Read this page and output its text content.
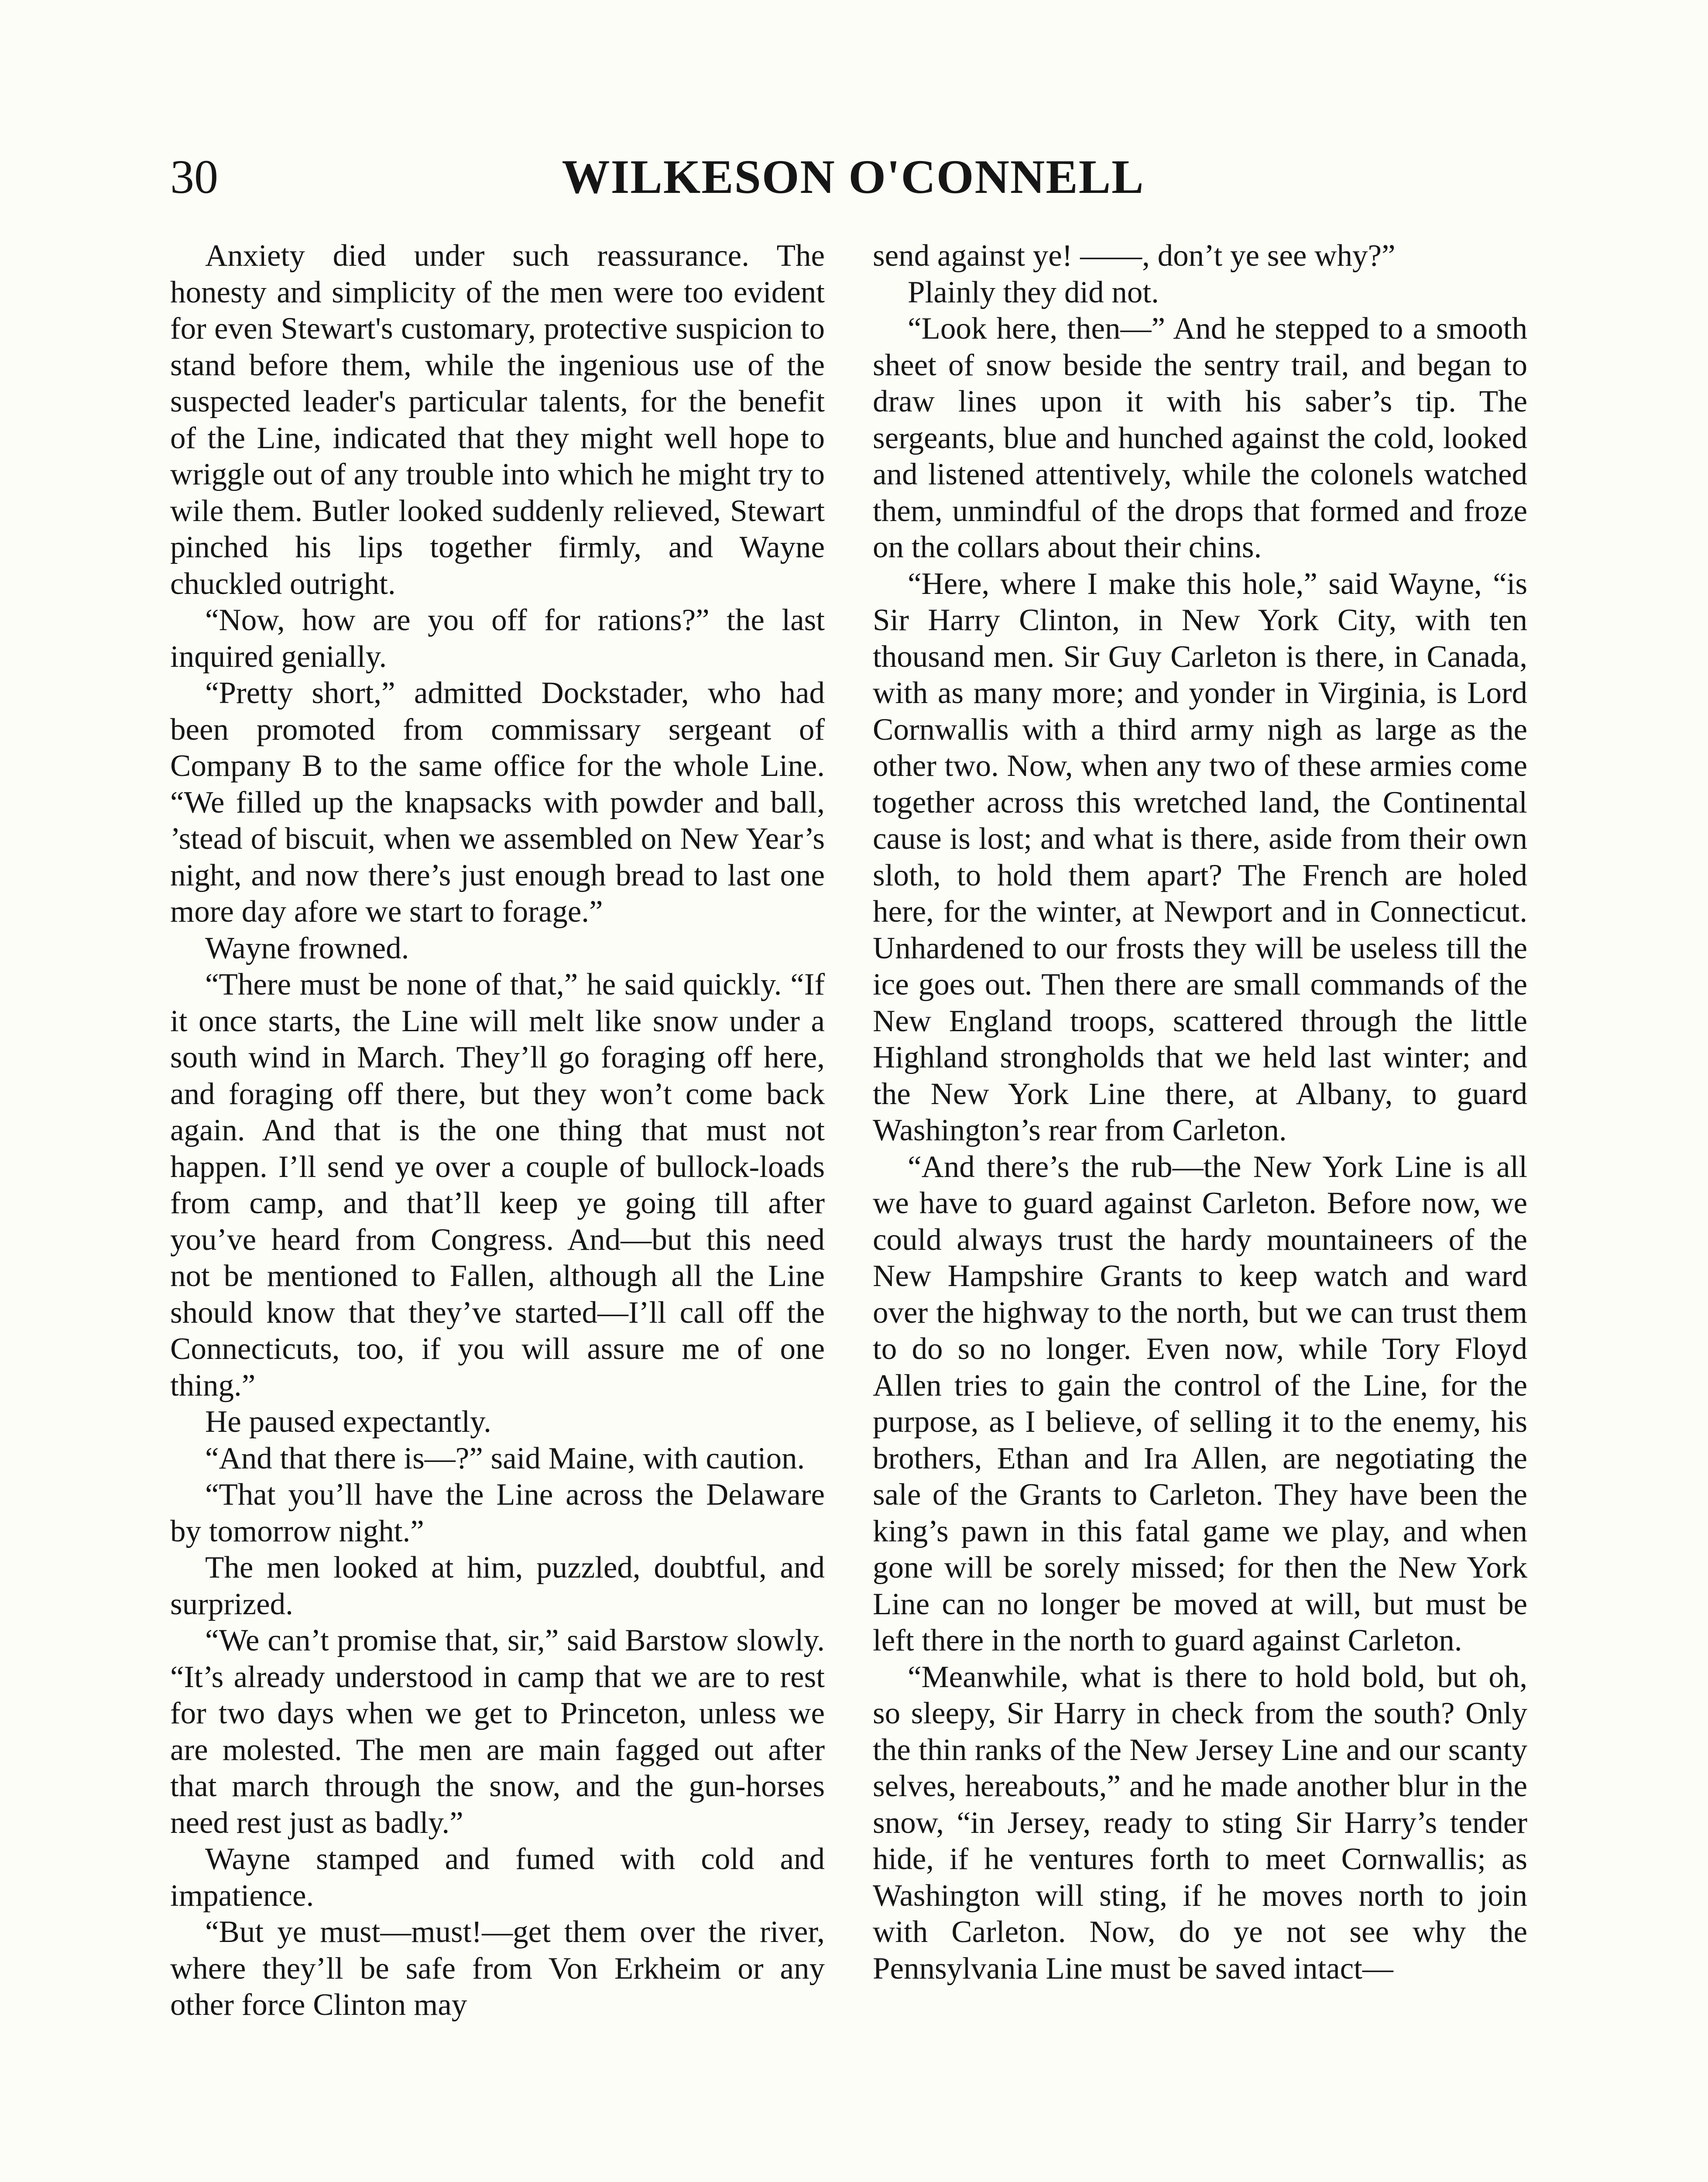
30	WILKESON O'CONNELL

Anxiety died under such reassurance. The honesty and simplicity of the men were too evident for even Stewart's customary, protective suspicion to stand before them, while the ingenious use of the suspected leader's particular talents, for the benefit of the Line, indicated that they might well hope to wriggle out of any trouble into which he might try to wile them. Butler looked suddenly relieved, Stewart pinched his lips together firmly, and Wayne chuckled outright.

“Now, how are you off for rations?” the last inquired genially.

“Pretty short,” admitted Dockstader, who had been promoted from commissary sergeant of Company B to the same office for the whole Line. “We filled up the knapsacks with powder and ball, ’stead of biscuit, when we assembled on New Year’s night, and now there’s just enough bread to last one more day afore we start to forage.”

Wayne frowned.

“There must be none of that,” he said quickly. “If it once starts, the Line will melt like snow under a south wind in March. They’ll go foraging off here, and foraging off there, but they won’t come back again. And that is the one thing that must not happen. I’ll send ye over a couple of bullock-loads from camp, and that’ll keep ye going till after you’ve heard from Congress. And—but this need not be mentioned to Fallen, although all the Line should know that they’ve started—I’ll call off the Connecticuts, too, if you will assure me of one thing.”

He paused expectantly.

“And that there is—?” said Maine, with caution.

“That you’ll have the Line across the Delaware by tomorrow night.”

The men looked at him, puzzled, doubtful, and surprized.

“We can’t promise that, sir,” said Barstow slowly. “It’s already understood in camp that we are to rest for two days when we get to Princeton, unless we are molested. The men are main fagged out after that march through the snow, and the gun-horses need rest just as badly.”

Wayne stamped and fumed with cold and impatience.

“But ye must—must!—get them over the river, where they’ll be safe from Von Erkheim or any other force Clinton may

send against ye! ——, don’t ye see why?”

Plainly they did not.

“Look here, then—” And he stepped to a smooth sheet of snow beside the sentry trail, and began to draw lines upon it with his saber’s tip. The sergeants, blue and hunched against the cold, looked and listened attentively, while the colonels watched them, unmindful of the drops that formed and froze on the collars about their chins.

“Here, where I make this hole,” said Wayne, “is Sir Harry Clinton, in New York City, with ten thousand men. Sir Guy Carleton is there, in Canada, with as many more; and yonder in Virginia, is Lord Cornwallis with a third army nigh as large as the other two. Now, when any two of these armies come together across this wretched land, the Continental cause is lost; and what is there, aside from their own sloth, to hold them apart? The French are holed here, for the winter, at Newport and in Connecticut. Unhardened to our frosts they will be useless till the ice goes out. Then there are small commands of the New England troops, scattered through the little Highland strongholds that we held last winter; and the New York Line there, at Albany, to guard Washington’s rear from Carleton.

“And there’s the rub—the New York Line is all we have to guard against Carleton. Before now, we could always trust the hardy mountaineers of the New Hampshire Grants to keep watch and ward over the highway to the north, but we can trust them to do so no longer. Even now, while Tory Floyd Allen tries to gain the control of the Line, for the purpose, as I believe, of selling it to the enemy, his brothers, Ethan and Ira Allen, are negotiating the sale of the Grants to Carleton. They have been the king’s pawn in this fatal game we play, and when gone will be sorely missed; for then the New York Line can no longer be moved at will, but must be left there in the north to guard against Carleton.

“Meanwhile, what is there to hold bold, but oh, so sleepy, Sir Harry in check from the south? Only the thin ranks of the New Jersey Line and our scanty selves, hereabouts,” and he made another blur in the snow, “in Jersey, ready to sting Sir Harry’s tender hide, if he ventures forth to meet Cornwallis; as Washington will sting, if he moves north to join with Carleton. Now, do ye not see why the Pennsylvania Line must be saved intact—
